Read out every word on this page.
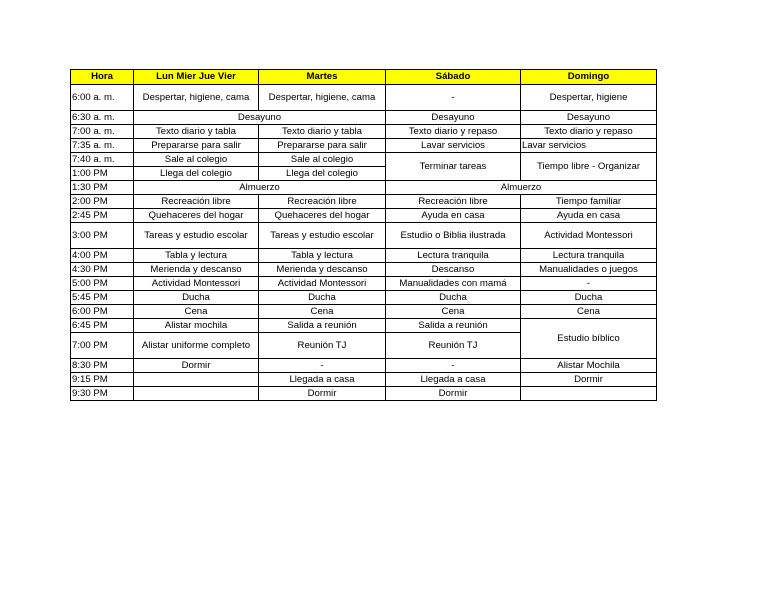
Hora	Lun Mier Jue Vier	Martes	Sábado	Domingo
6:00 a. m.	Despertar, higiene, cama	Despertar, higiene, cama	-	Despertar, higiene
6:30 a. m.	Desayuno		Desayuno	Desayuno
7:00 a. m.	Texto diario y tabla	Texto diario y tabla	Texto diario y repaso	Texto diario y repaso
7:35 a. m.	Prepararse para salir	Prepararse para salir	Lavar servicios	Lavar servicios
7:40 a. m.	Sale al colegio	Sale al colegio	Terminar tareas	Tiempo libre - Organizar
1:00 PM	Llega del colegio	Llega del colegio		
1:30 PM	Almuerzo		Almuerzo	
2:00 PM	Recreación libre	Recreación libre	Recreación libre	Tiempo familiar
2:45 PM	Quehaceres del hogar	Quehaceres del hogar	Ayuda en casa	Ayuda en casa
3:00 PM	Tareas y estudio escolar	Tareas y estudio escolar	Estudio o Biblia ilustrada	Actividad Montessori
4:00 PM	Tabla y lectura	Tabla y lectura	Lectura tranquila	Lectura tranquila
4:30 PM	Merienda y descanso	Merienda y descanso	Descanso	Manualidades o juegos
5:00 PM	Actividad Montessori	Actividad Montessori	Manualidades con mamá	-
5:45 PM	Ducha	Ducha	Ducha	Ducha
6:00 PM	Cena	Cena	Cena	Cena
6:45 PM	Alistar mochila	Salida a reunión	Salida a reunión	Estudio bíblico
7:00 PM	Alistar uniforme completo	Reunión TJ	Reunión TJ	
8:30 PM	Dormir	-	-	Alistar Mochila
9:15 PM		Llegada a casa	Llegada a casa	Dormir
9:30 PM		Dormir	Dormir	
